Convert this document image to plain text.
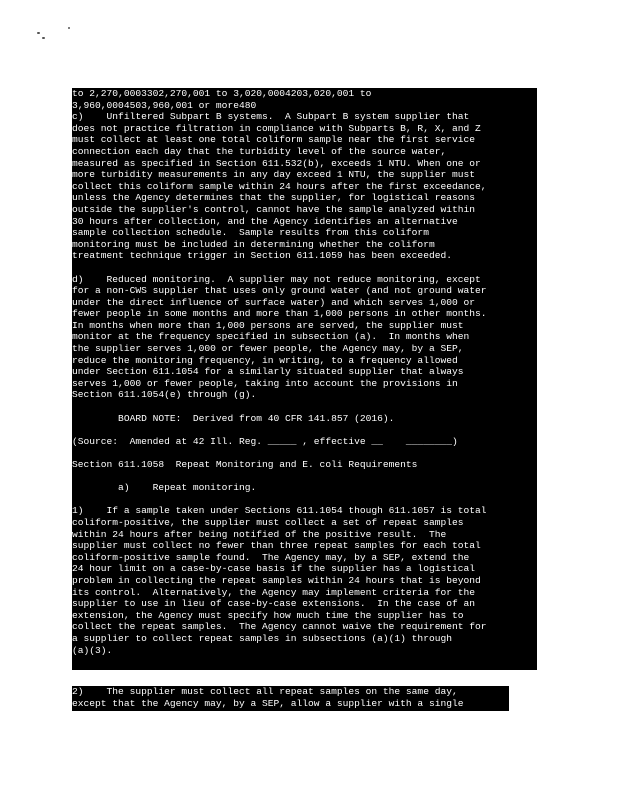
to 2,270,0003302,270,001 to 3,020,0004203,020,001 to
3,960,0004503,960,001 or more480
c)    Unfiltered Subpart B systems.  A Subpart B system supplier that
does not practice filtration in compliance with Subparts B, R, X, and Z
must collect at least one total coliform sample near the first service
connection each day that the turbidity level of the source water,
measured as specified in Section 611.532(b), exceeds 1 NTU. When one or
more turbidity measurements in any day exceed 1 NTU, the supplier must
collect this coliform sample within 24 hours after the first exceedance,
unless the Agency determines that the supplier, for logistical reasons
outside the supplier's control, cannot have the sample analyzed within
30 hours after collection, and the Agency identifies an alternative
sample collection schedule.  Sample results from this coliform
monitoring must be included in determining whether the coliform
treatment technique trigger in Section 611.1059 has been exceeded.
d)    Reduced monitoring.  A supplier may not reduce monitoring, except
for a non-CWS supplier that uses only ground water (and not ground water
under the direct influence of surface water) and which serves 1,000 or
fewer people in some months and more than 1,000 persons in other months.
In months when more than 1,000 persons are served, the supplier must
monitor at the frequency specified in subsection (a).  In months when
the supplier serves 1,000 or fewer people, the Agency may, by a SEP,
reduce the monitoring frequency, in writing, to a frequency allowed
under Section 611.1054 for a similarly situated supplier that always
serves 1,000 or fewer people, taking into account the provisions in
Section 611.1054(e) through (g).
BOARD NOTE:  Derived from 40 CFR 141.857 (2016).
(Source:  Amended at 42 Ill. Reg. _____ , effective __    ________)
Section 611.1058  Repeat Monitoring and E. coli Requirements
a)    Repeat monitoring.
1)    If a sample taken under Sections 611.1054 though 611.1057 is total
coliform-positive, the supplier must collect a set of repeat samples
within 24 hours after being notified of the positive result.  The
supplier must collect no fewer than three repeat samples for each total
coliform-positive sample found.  The Agency may, by a SEP, extend the
24 hour limit on a case-by-case basis if the supplier has a logistical
problem in collecting the repeat samples within 24 hours that is beyond
its control.  Alternatively, the Agency may implement criteria for the
supplier to use in lieu of case-by-case extensions.  In the case of an
extension, the Agency must specify how much time the supplier has to
collect the repeat samples.  The Agency cannot waive the requirement for
a supplier to collect repeat samples in subsections (a)(1) through
(a)(3).
2)    The supplier must collect all repeat samples on the same day,
except that the Agency may, by a SEP, allow a supplier with a single
